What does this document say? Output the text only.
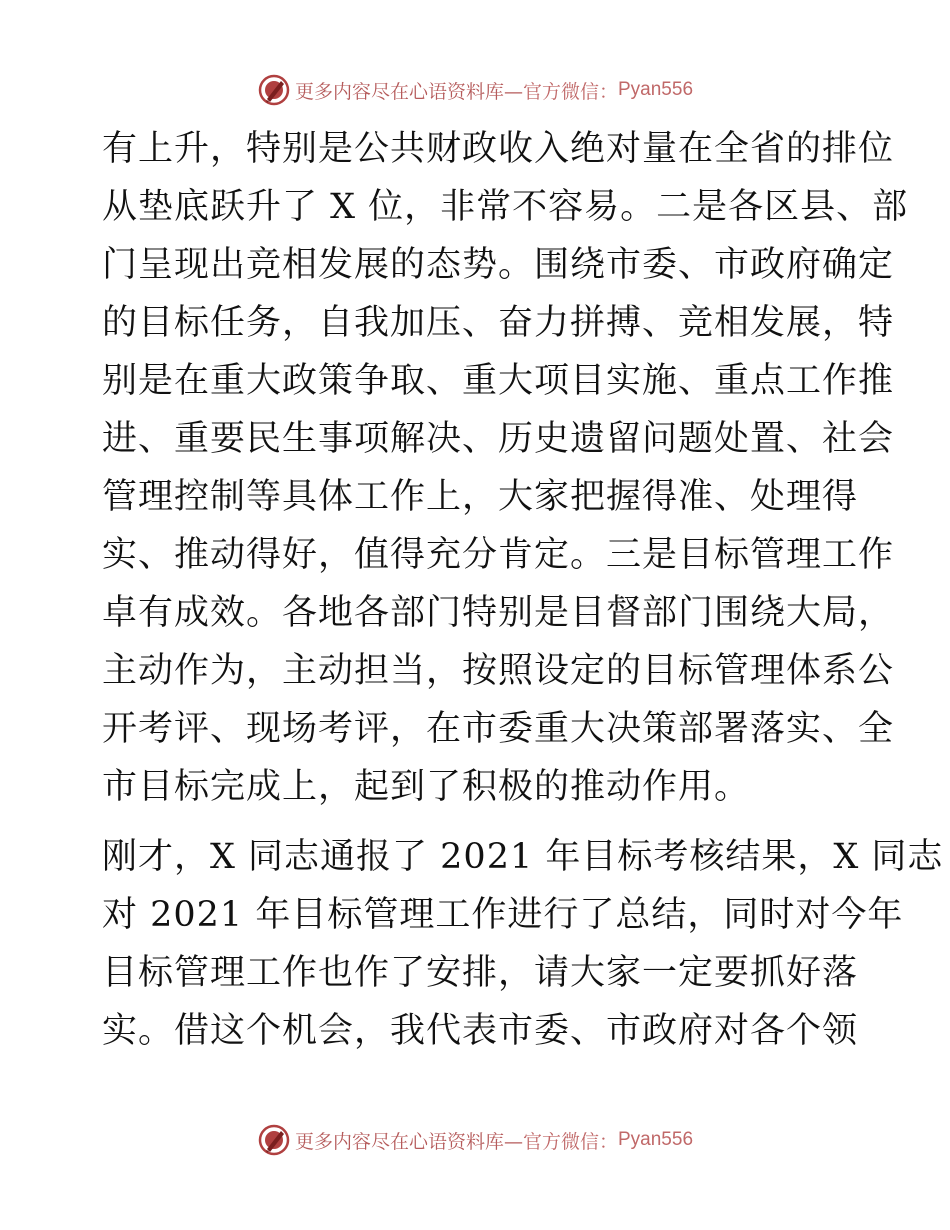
更多内容尽在心语资料库— 官方微信： Pyan556
有上升，特别是公共财政收入绝对量在全省的排位
从垫底跃升了 X 位，非常不容易。二是各区县、部
门呈现出竞相发展的态势。围绕市委、市政府确定
的目标任务，自我加压、奋力拼搏、竞相发展，特
别是在重大政策争取、重大项目实施、重点工作推
进、重要民生事项解决、历史遗留问题处置、社会
管理控制等具体工作上，大家把握得准、处理得
实、推动得好，值得充分肯定。三是目标管理工作
卓有成效。各地各部门特别是目督部门围绕大局，
主动作为，主动担当，按照设定的目标管理体系公
开考评、现场考评，在市委重大决策部署落实、全
市目标完成上，起到了积极的推动作用。
刚才，X 同志通报了 2021 年目标考核结果，X 同志
对 2021 年目标管理工作进行了总结，同时对今年
目标管理工作也作了安排，请大家一定要抓好落
实。借这个机会，我代表市委、市政府对各个领
更多内容尽在心语资料库— 官方微信： Pyan556
